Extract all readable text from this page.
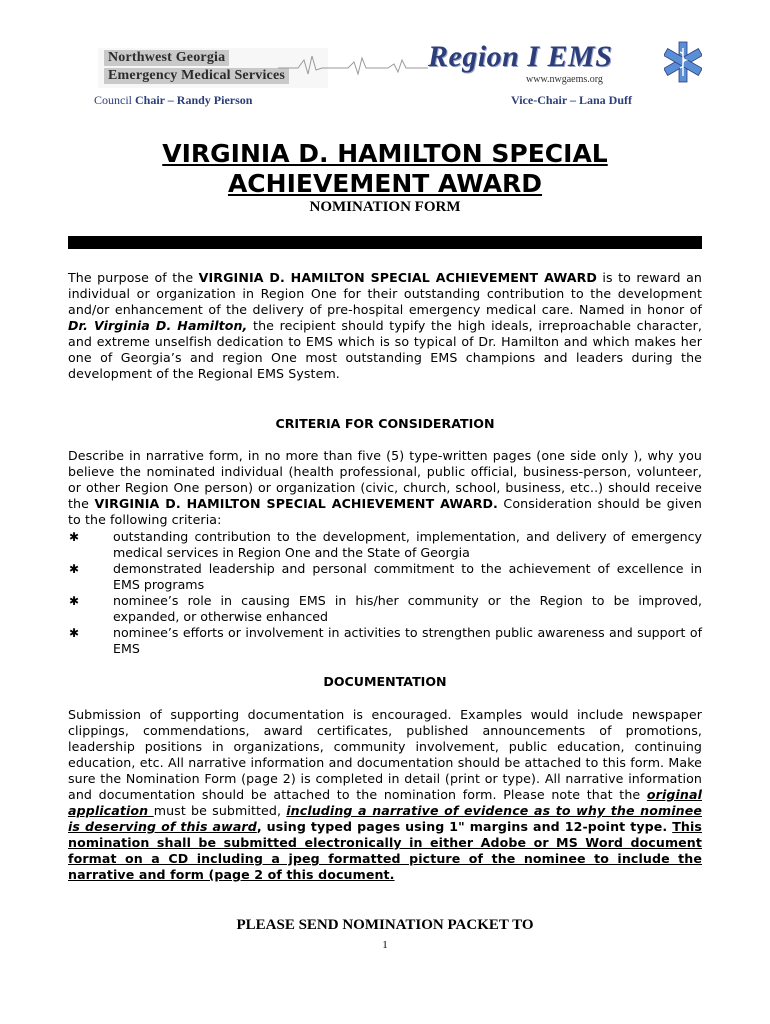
Northwest Georgia
Emergency Medical Services
Region I EMS
www.nwgaems.org
Council Chair – Randy Pierson	Vice-Chair – Lana Duff
VIRGINIA D. HAMILTON SPECIAL
ACHIEVEMENT AWARD
NOMINATION FORM
The purpose of the VIRGINIA D. HAMILTON SPECIAL ACHIEVEMENT AWARD is to reward an individual or organization in Region One for their outstanding contribution to the development and/or enhancement of the delivery of pre-hospital emergency medical care. Named in honor of Dr. Virginia D. Hamilton, the recipient should typify the high ideals, irreproachable character, and extreme unselfish dedication to EMS which is so typical of Dr. Hamilton and which makes her one of Georgia’s and region One most outstanding EMS champions and leaders during the development of the Regional EMS System.
CRITERIA FOR CONSIDERATION
Describe in narrative form, in no more than five (5) type-written pages (one side only ), why you believe the nominated individual (health professional, public official, business-person, volunteer, or other Region One person) or organization (civic, church, school, business, etc..) should receive the VIRGINIA D. HAMILTON SPECIAL ACHIEVEMENT AWARD. Consideration should be given to the following criteria:
✱	outstanding contribution to the development, implementation, and delivery of emergency medical services in Region One and the State of Georgia
✱	demonstrated leadership and personal commitment to the achievement of excellence in EMS programs
✱	nominee’s role in causing EMS in his/her community or the Region to be improved, expanded, or otherwise enhanced
✱	nominee’s efforts or involvement in activities to strengthen public awareness and support of EMS
DOCUMENTATION
Submission of supporting documentation is encouraged. Examples would include newspaper clippings, commendations, award certificates, published announcements of promotions, leadership positions in organizations, community involvement, public education, continuing education, etc. All narrative information and documentation should be attached to this form. Make sure the Nomination Form (page 2) is completed in detail (print or type). All narrative information and documentation should be attached to the nomination form. Please note that the original application must be submitted, including a narrative of evidence as to why the nominee is deserving of this award, using typed pages using 1" margins and 12-point type. This nomination shall be submitted electronically in either Adobe or MS Word document format on a CD including a jpeg formatted picture of the nominee to include the narrative and form (page 2 of this document.
PLEASE SEND NOMINATION PACKET TO
1
